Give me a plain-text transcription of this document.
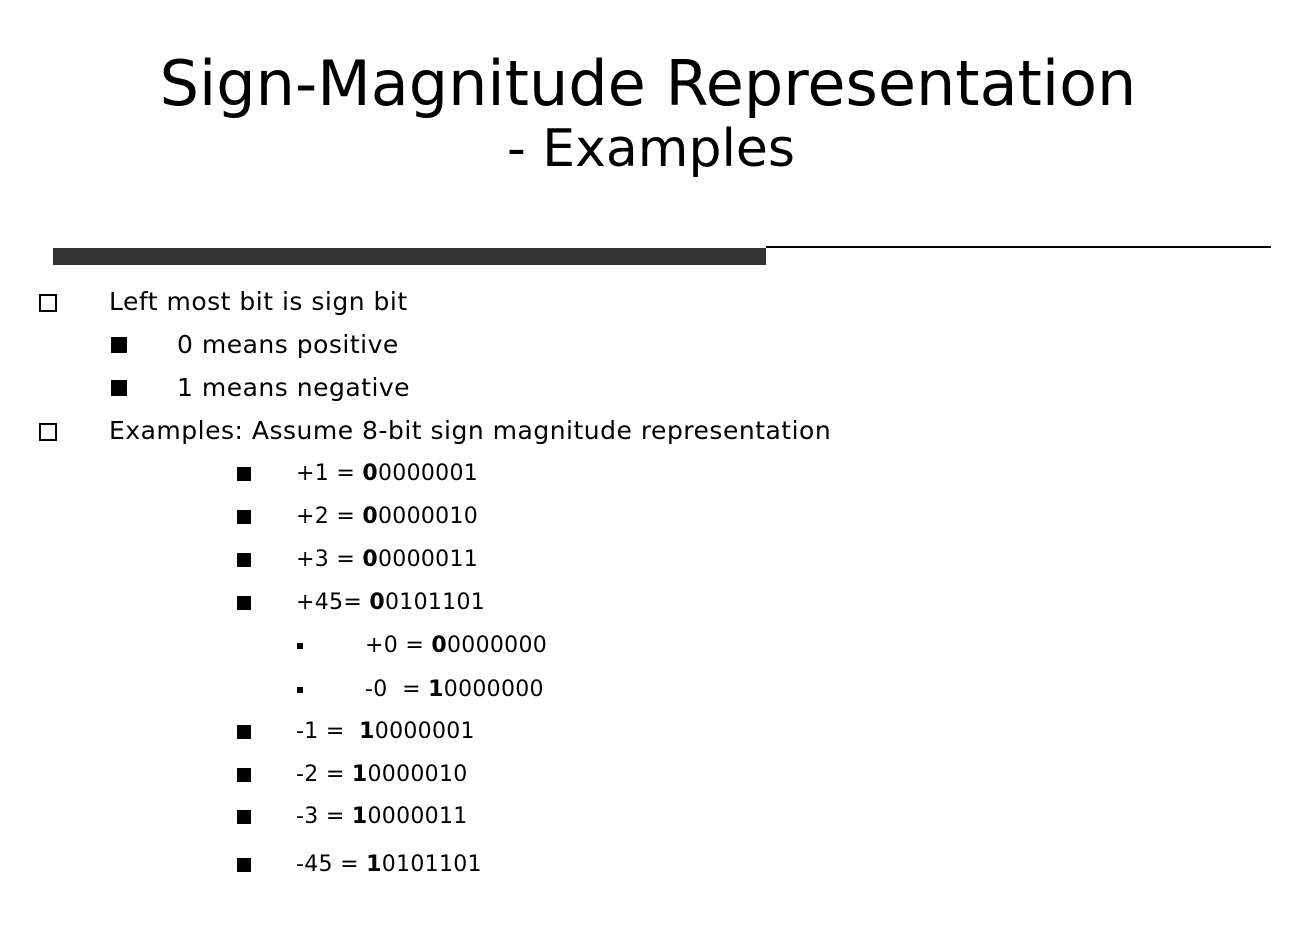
Sign-Magnitude Representation
- Examples
Left most bit is sign bit
0 means positive
1 means negative
Examples: Assume 8-bit sign magnitude representation
+1 = 00000001
+2 = 00000010
+3 = 00000011
+45= 00101101
+0 = 00000000
-0  = 10000000
-1 =  10000001
-2 = 10000010
-3 = 10000011
-45 = 10101101
